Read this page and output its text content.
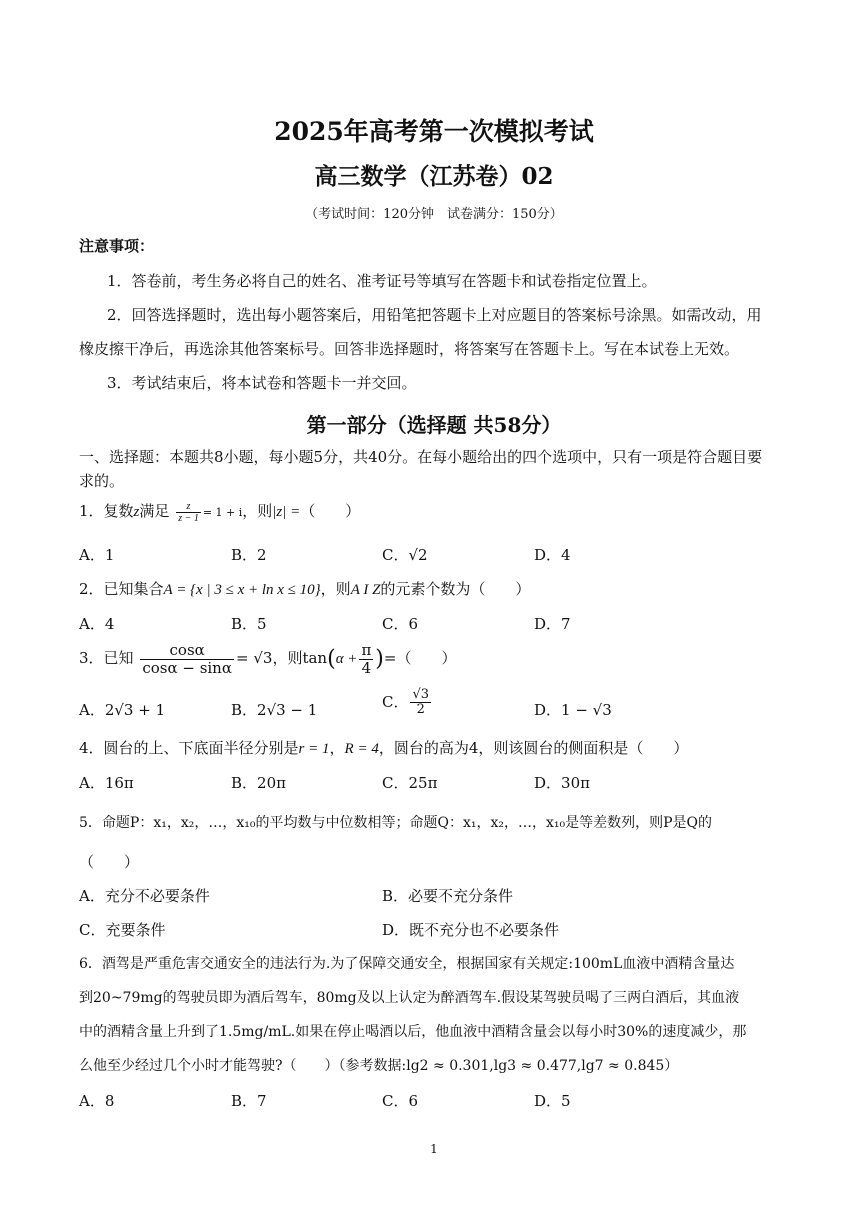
2025年高考第一次模拟考试
高三数学（江苏卷）02
（考试时间：120分钟　试卷满分：150分）
注意事项：
1．答卷前，考生务必将自己的姓名、准考证号等填写在答题卡和试卷指定位置上。
2．回答选择题时，选出每小题答案后，用铅笔把答题卡上对应题目的答案标号涂黑。如需改动，用
橡皮擦干净后，再选涂其他答案标号。回答非选择题时，将答案写在答题卡上。写在本试卷上无效。
3．考试结束后，将本试卷和答题卡一并交回。
第一部分（选择题 共58分）
一、选择题：本题共8小题，每小题5分，共40分。在每小题给出的四个选项中，只有一项是符合题目要
求的。
1．复数z满足 $\frac{z}{z - 1} = 1 + i$，则|z| =（　　）
A．1	B．2	C．√2	D．4
2．已知集合A = {x | 3 ≤ x + ln x ≤ 10}，则A I Z的元素个数为（　　）
A．4	B．5	C．6	D．7
3．已知 $\frac{\cos\alpha}{\cos\alpha - \sin\alpha} = √3$，则$\tan(\alpha + \frac{\pi}{4}$ )=（　　）
A．2√3 + 1	B．2√3 − 1	C． $\frac{√3}{2}$	D．1 − √3
4．圆台的上、下底面半径分别是r = 1，R = 4，圆台的高为4，则该圆台的侧面积是（　　）
A．16π	B．20π	C．25π	D．30π
5．命题P：x₁，x₂，…，x₁₀的平均数与中位数相等；命题Q：x₁，x₂，…，x₁₀是等差数列，则P是Q的
（　　）
A．充分不必要条件	B．必要不充分条件
C．充要条件	D．既不充分也不必要条件
6．酒驾是严重危害交通安全的违法行为.为了保障交通安全，根据国家有关规定:100mL血液中酒精含量达
到20~79mg的驾驶员即为酒后驾车，80mg及以上认定为醉酒驾车.假设某驾驶员喝了三两白酒后，其血液
中的酒精含量上升到了1.5mg/mL.如果在停止喝酒以后，他血液中酒精含量会以每小时30%的速度减少，那
么他至少经过几个小时才能驾驶?（　　）（参考数据:lg2 ≈ 0.301,lg3 ≈ 0.477,lg7 ≈ 0.845）
A．8	B．7	C．6	D．5
1
